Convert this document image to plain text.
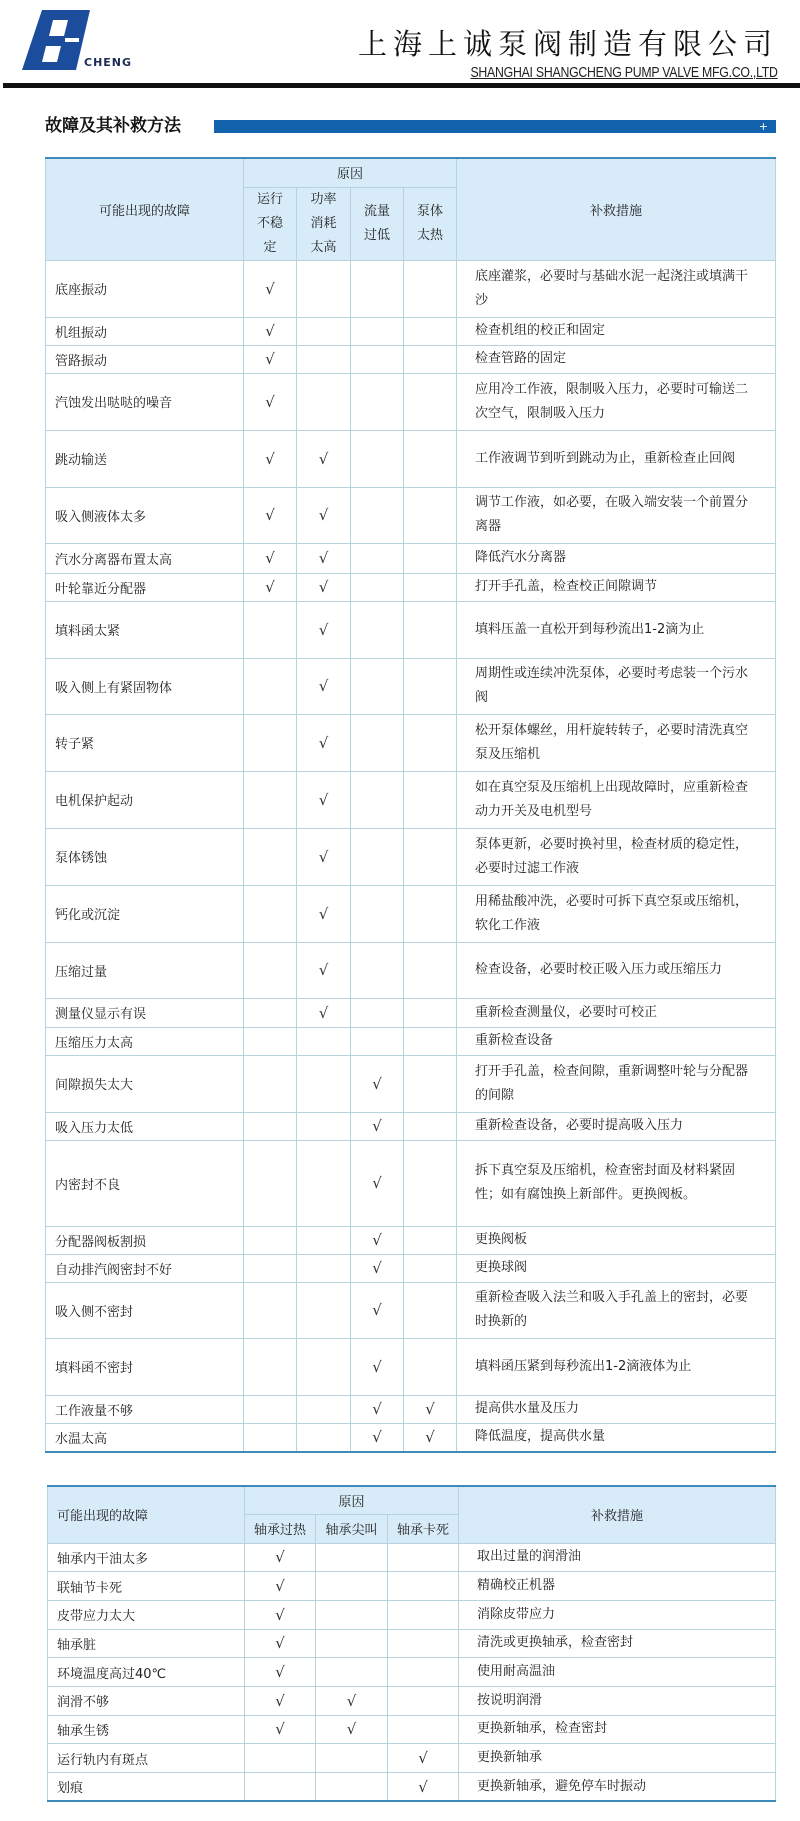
CHENG
上海上诚泵阀制造有限公司
SHANGHAI SHANGCHENG PUMP VALVE MFG.CO.,LTD
故障及其补救方法	+
可能出现的故障	原因				补救措施
	运行不稳定	功率消耗太高	流量过低	泵体太热	
底座振动	√				底座灌浆，必要时与基础水泥一起浇注或填满干沙
机组振动	√				检查机组的校正和固定
管路振动	√				检查管路的固定
汽蚀发出哒哒的噪音	√				应用冷工作液，限制吸入压力，必要时可输送二次空气，限制吸入压力
跳动输送	√	√			工作液调节到听到跳动为止，重新检查止回阀
吸入侧液体太多	√	√			调节工作液，如必要，在吸入端安装一个前置分离器
汽水分离器布置太高	√	√			降低汽水分离器
叶轮靠近分配器	√	√			打开手孔盖，检查校正间隙调节
填料函太紧		√			填料压盖一直松开到每秒流出1-2滴为止
吸入侧上有紧固物体		√			周期性或连续冲洗泵体，必要时考虑装一个污水阀
转子紧		√			松开泵体螺丝，用杆旋转转子，必要时清洗真空泵及压缩机
电机保护起动		√			如在真空泵及压缩机上出现故障时，应重新检查动力开关及电机型号
泵体锈蚀		√			泵体更新，必要时换衬里，检查材质的稳定性，必要时过滤工作液
钙化或沉淀		√			用稀盐酸冲洗，必要时可拆下真空泵或压缩机，软化工作液
压缩过量		√			检查设备，必要时校正吸入压力或压缩压力
测量仪显示有误		√			重新检查测量仪，必要时可校正
压缩压力太高					重新检查设备
间隙损失太大			√		打开手孔盖，检查间隙，重新调整叶轮与分配器的间隙
吸入压力太低			√		重新检查设备，必要时提高吸入压力
内密封不良			√		拆下真空泵及压缩机，检查密封面及材料紧固性；如有腐蚀换上新部件。更换阀板。
分配器阀板割损			√		更换阀板
自动排汽阀密封不好			√		更换球阀
吸入侧不密封			√		重新检查吸入法兰和吸入手孔盖上的密封，必要时换新的
填料函不密封			√		填料函压紧到每秒流出1-2滴液体为止
工作液量不够			√	√	提高供水量及压力
水温太高			√	√	降低温度，提高供水量
可能出现的故障	原因			补救措施
	轴承过热	轴承尖叫	轴承卡死	
轴承内干油太多	√			取出过量的润滑油
联轴节卡死	√			精确校正机器
皮带应力太大	√			消除皮带应力
轴承脏	√			清洗或更换轴承，检查密封
环境温度高过40℃	√			使用耐高温油
润滑不够	√	√		按说明润滑
轴承生锈	√	√		更换新轴承，检查密封
运行轨内有斑点			√	更换新轴承
划痕			√	更换新轴承，避免停车时振动
